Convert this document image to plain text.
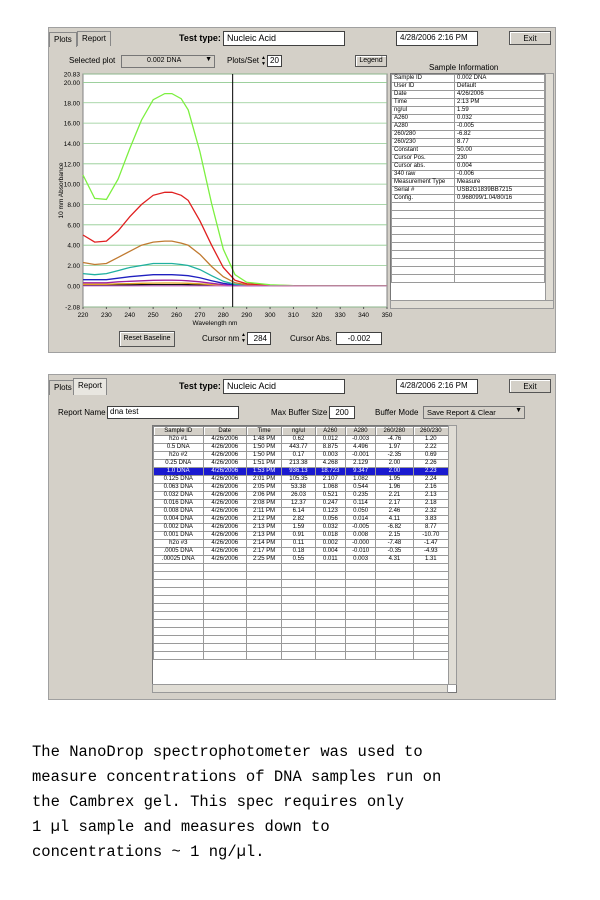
Plots	Report	Test type: Nucleic Acid	4/28/2006 2:16 PM	Exit
Selected plot	0.002 DNA	▼ Plots/Set ▲
▼ 20	Legend
-2.08
0.00
2.00
4.00
6.00
8.00
10.00
12.00
14.00
16.00
18.00
20.00
20.83
220 230 240 250 260 270 280 290 300 310 320 330 340 350
Wavelength nm
10 mm Absorbance
Sample Information
Sample ID	0.002 DNA
User ID	Default
Date	4/26/2006
Time	2:13 PM
ng/ul	1.59
A260	0.032
A280	-0.005
260/280	-6.82
260/230	8.77
Constant	50.00
Cursor Pos.	230
Cursor abs.	0.004
340 raw	-0.006
Measurement Type	Measure
Serial #	USB2G1839BB7215
Config.	0.968099/1.04/80/16

Reset Baseline	Cursor nm ▲
▼ 284	Cursor Abs.	-0.002
Plots Report	Test type: Nucleic Acid	4/28/2006 2:16 PM	Exit
Report Name dna test	Max Buffer Size 200	Buffer Mode	Save Report & Clear	▼
Sample ID	Date	Time	ng/ul	A260	A280	260/280	260/230
h2o #1	4/26/2006	1:48 PM	0.62	0.012	-0.003	-4.76	1.20
0.5 DNA	4/26/2006	1:50 PM	443.77	8.875	4.496	1.97	2.22
h2o #2	4/26/2006	1:50 PM	0.17	0.003	-0.001	-2.35	0.69
0.25 DNA	4/26/2006	1:51 PM	213.38	4.268	2.129	2.00	2.26
1.0 DNA	4/26/2006	1:53 PM	936.13	18.723	9.347	2.00	2.23
0.125 DNA	4/26/2006	2:01 PM	105.35	2.107	1.082	1.95	2.24
0.063 DNA	4/26/2006	2:05 PM	53.38	1.068	0.544	1.96	2.16
0.032 DNA	4/26/2006	2:06 PM	26.03	0.521	0.235	2.21	2.13
0.016 DNA	4/26/2006	2:08 PM	12.37	0.247	0.114	2.17	2.18
0.008 DNA	4/26/2006	2:11 PM	6.14	0.123	0.050	2.46	2.32
0.004 DNA	4/26/2006	2:12 PM	2.82	0.056	0.014	4.11	3.83
0.002 DNA	4/26/2006	2:13 PM	1.59	0.032	-0.005	-6.82	8.77
0.001 DNA	4/26/2006	2:13 PM	0.91	0.018	0.008	2.15	-10.70
h2o #3	4/26/2006	2:14 PM	0.11	0.002	-0.000	-7.48	-1.47
.0005 DNA	4/26/2006	2:17 PM	0.18	0.004	-0.010	-0.35	-4.93
.00025 DNA	4/26/2006	2:25 PM	0.55	0.011	0.003	4.31	1.31

The NanoDrop spectrophotometer was used to
measure concentrations of DNA samples run on
the Cambrex gel. This spec requires only
1 µl sample and measures down to
concentrations ~ 1 ng/µl.
